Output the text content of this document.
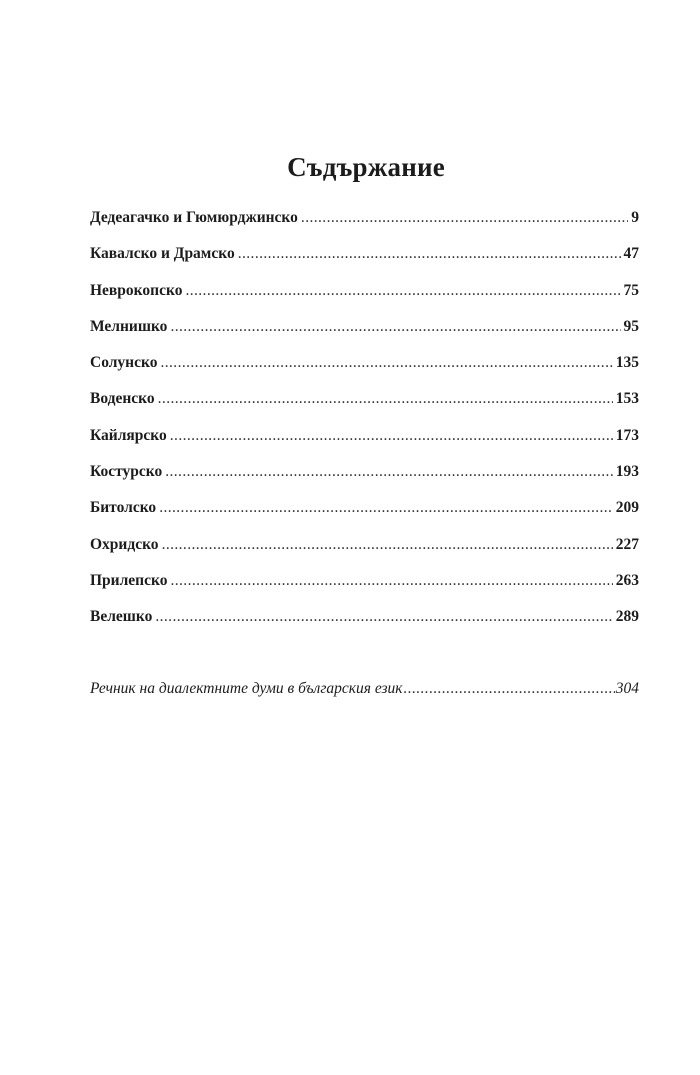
Съдържание
Дедеагачко и Гюмюрджинско .....	9
Кавалско и Драмско .....	47
Неврокопско .....	75
Мелнишко .....	95
Солунско .....	135
Воденско .....	153
Кайлярско .....	173
Костурско .....	193
Битолско .....	209
Охридско .....	227
Прилепско .....	263
Велешко .....	289
Речник на диалектните думи в българския език .....	304
